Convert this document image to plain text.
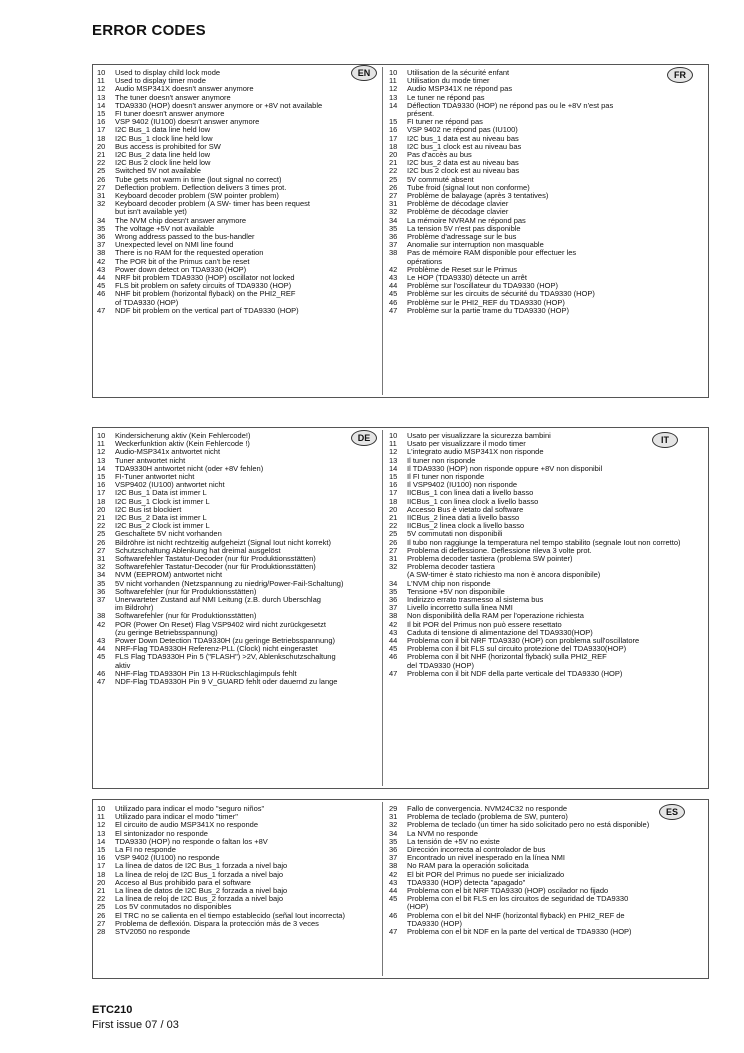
ERROR CODES
10	Used to display child lock mode
11	Used to display timer mode
12	Audio MSP341X doesn't answer anymore
13	The tuner doesn't answer anymore
14	TDA9330 (HOP) doesn't answer anymore or +8V not available
15	FI tuner doesn't answer anymore
16	VSP 9402 (IU100) doesn't answer anymore
17	I2C Bus_1 data line held low
18	I2C Bus_1 clock line held low
20	Bus access is prohibited for SW
21	I2C Bus_2 data line held low
22	I2C Bus 2 clock line held low
25	Switched 5V not available
26	Tube gets not warm in time (lout signal no correct)
27	Deflection problem. Deflection delivers 3 times prot.
31	Keyboard decoder problem (SW pointer problem)
32	Keyboard decoder problem (A SW- timer has been request
but isn't available yet)
34	The NVM chip doesn't answer anymore
35	The voltage +5V not available
36	Wrong address passed to the bus-handler
37	Unexpected level on NMI line found
38	There is no RAM for the requested operation
42	The POR bit of the Primus can't be reset
43	Power down detect on TDA9330 (HOP)
44	NRF bit problem TDA9330 (HOP) oscillator not locked
45	FLS bit problem on safety circuits of TDA9330 (HOP)
46	NHF bit problem (horizontal flyback) on the PHI2_REF
of TDA9330 (HOP)
47	NDF bit problem on the vertical part of TDA9330 (HOP)
10	Utilisation de la sécurité enfant
11	Utilisation du mode timer
12	Audio MSP341X ne répond pas
13	Le tuner ne répond pas
14	Déflection TDA9330 (HOP) ne répond pas ou le +8V n'est pas
présent.
15	FI tuner ne répond pas
16	VSP 9402 ne répond pas (IU100)
17	I2C bus_1 data est au niveau bas
18	I2C bus_1 clock est au niveau bas
20	Pas d'accès au bus
21	I2C bus_2 data est au niveau bas
22	I2C bus 2 clock est au niveau bas
25	5V commuté absent
26	Tube froid (signal Iout non conforme)
27	Problème de balayage (après 3 tentatives)
31	Problème de décodage clavier
32	Problème de décodage clavier
34	La mémoire NVRAM ne répond pas
35	La tension 5V n'est pas disponible
36	Problème d'adressage sur le bus
37	Anomalie sur interruption non masquable
38	Pas de mémoire RAM disponible pour effectuer les
opérations
42	Problème de Reset sur le Primus
43	Le HOP (TDA9330) détecte un arrêt
44	Problème sur l'oscillateur du TDA9330 (HOP)
45	Problème sur les circuits de sécurité du TDA9330 (HOP)
46	Problème sur le PHI2_REF du TDA9330 (HOP)
47	Problème sur la partie trame du TDA9330 (HOP)
EN	FR
10	Kindersicherung aktiv (Kein Fehlercode!)
11	Weckerfunktion aktiv (Kein Fehlercode !)
12	Audio-MSP341x antwortet nicht
13	Tuner antwortet nicht
14	TDA9330H antwortet nicht (oder +8V fehlen)
15	FI-Tuner antwortet nicht
16	VSP9402 (IU100) antwortet nicht
17	I2C Bus_1 Data ist immer L
18	I2C Bus_1 Clock ist immer L
20	I2C Bus ist blockiert
21	I2C Bus_2 Data ist immer L
22	I2C Bus_2 Clock ist immer L
25	Geschaltete 5V nicht vorhanden
26	Bildröhre ist nicht rechtzeitig aufgeheizt (Signal Iout nicht korrekt)
27	Schutzschaltung Ablenkung hat dreimal ausgelöst
31	Softwarefehler Tastatur-Decoder (nur für Produktionsstätten)
32	Softwarefehler Tastatur-Decoder (nur für Produktionsstätten)
34	NVM (EEPROM) antwortet nicht
35	5V nicht vorhanden (Netzspannung zu niedrig/Power-Fail-Schaltung)
36	Softwarefehler (nur für Produktionsstätten)
37	Unerwarteter Zustand auf NMI Leitung (z.B. durch Überschlag
im Bildrohr)
38	Softwarefehler (nur für Produktionsstätten)
42	POR (Power On Reset) Flag VSP9402 wird nicht zurückgesetzt
(zu geringe Betriebsspannung)
43	Power Down Detection TDA9330H (zu geringe Betriebsspannung)
44	NRF-Flag TDA9330H Referenz-PLL (Clock) nicht eingerastet
45	FLS Flag TDA9330H Pin 5 ("FLASH") >2V, Ablenkschutzschaltung
aktiv
46	NHF-Flag TDA9330H Pin 13 H-Rückschlagimpuls fehlt
47	NDF-Flag TDA9330H Pin 9 V_GUARD fehlt oder dauernd zu lange
10	Usato per visualizzare la sicurezza bambini
11	Usato per visualizzare il modo timer
12	L'integrato audio MSP341X non risponde
13	Il tuner non risponde
14	Il TDA9330 (HOP) non risponde oppure +8V non disponibil
15	Il FI tuner non risponde
16	Il VSP9402 (IU100) non risponde
17	IICBus_1 con linea dati a livello basso
18	IICBus_1 con linea clock a livello basso
20	Accesso Bus è vietato dal software
21	IICBus_2 linea dati a livello basso
22	IICBus_2 linea clock a livello basso
25	5V commutati non disponibili
26	Il tubo non raggiunge la temperatura nel tempo stabilito (segnale Iout non corretto)
27	Problema di deflessione. Deflessione rileva 3 volte prot.
31	Problema decoder tastiera (problema SW pointer)
32	Problema decoder tastiera
(A SW-timer è stato richiesto ma non è ancora disponibile)
34	L'NVM chip non risponde
35	Tensione +5V non disponibile
36	Indirizzo errato trasmesso al sistema bus
37	Livello incorretto sulla linea NMI
38	Non disponibilità della RAM per l'operazione richiesta
42	Il bit POR del Primus non può essere resettato
43	Caduta di tensione di alimentazione del TDA9330(HOP)
44	Problema con il bit NRF TDA9330 (HOP) con problema sull'oscillatore
45	Problema con il bit FLS sul circuito protezione del TDA9330(HOP)
46	Problema con il bit NHF (horizontal flyback) sulla PHI2_REF
del TDA9330 (HOP)
47	Problema con il bit NDF della parte verticale del TDA9330 (HOP)
DE	IT
10	Utilizado para indicar el modo "seguro niños"
11	Utilizado para indicar el modo "timer"
12	El circuito de audio MSP341X no responde
13	El sintonizador no responde
14	TDA9330 (HOP) no responde o faltan los +8V
15	La FI no responde
16	VSP 9402 (IU100) no responde
17	La línea de datos de I2C Bus_1 forzada a nivel bajo
18	La línea de reloj de I2C Bus_1 forzada a nivel bajo
20	Acceso al Bus prohibido para el software
21	La línea de datos de I2C Bus_2 forzada a nivel bajo
22	La línea de reloj de I2C Bus_2 forzada a nivel bajo
25	Los 5V conmutados no disponibles
26	El TRC no se calienta en el tiempo establecido (señal Iout incorrecta)
27	Problema de deflexión. Dispara la protección más de 3 veces
28	STV2050 no responde
29	Fallo de convergencia. NVM24C32 no responde
31	Problema de teclado (problema de SW, puntero)
32	Problema de teclado (un timer ha sido solicitado pero no está disponible)
34	La NVM no responde
35	La tensión de +5V no existe
36	Dirección incorrecta al controlador de bus
37	Encontrado un nivel inesperado en la línea NMI
38	No RAM para la operación solicitada
42	El bit POR del Primus no puede ser inicializado
43	TDA9330 (HOP) detecta "apagado"
44	Problema con el bit NRF TDA9330 (HOP) oscilador no fijado
45	Problema con el bit FLS en los circuitos de seguridad de TDA9330
(HOP)
46	Problema con el bit del NHF (horizontal flyback) en PHI2_REF de
TDA9330 (HOP)
47	Problema con el bit NDF en la parte del vertical de TDA9330 (HOP)
ES
ETC210
First issue 07 / 03
